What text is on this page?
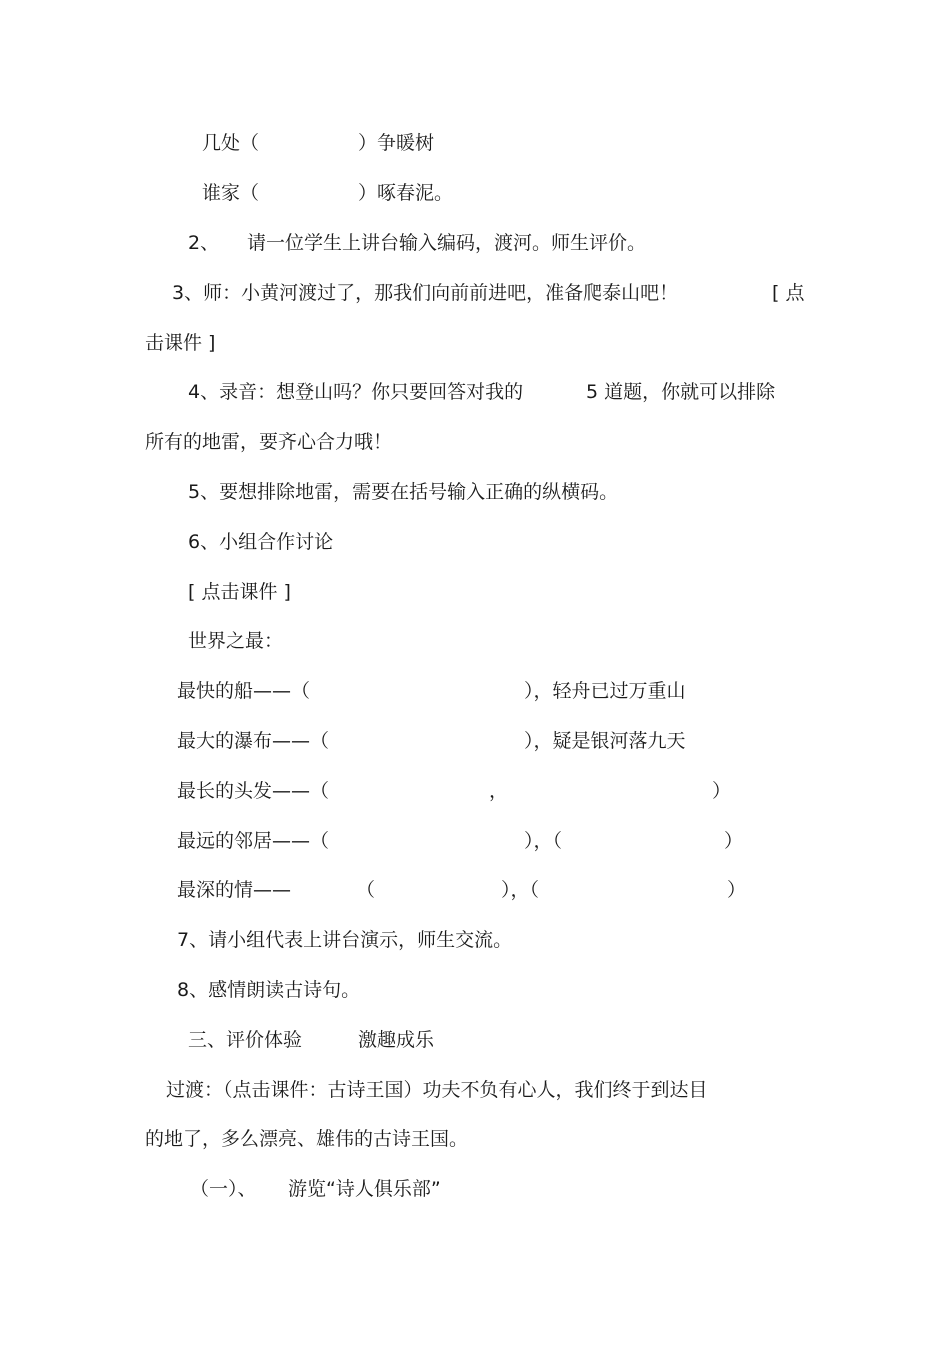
几处（	）争暖树
谁家（	）啄春泥。
2、 请一位学生上讲台输入编码，渡河。师生评价。
3、师：小黄河渡过了，那我们向前前进吧，准备爬泰山吧！	[ 点
击课件 ]
4、录音：想登山吗？你只要回答对我的	5 道题，你就可以排除
所有的地雷，要齐心合力哦！
5、要想排除地雷，需要在括号输入正确的纵横码。
6、小组合作讨论
[ 点击课件 ]
世界之最：
最快的船——（	），轻舟已过万重山
最大的瀑布——（	），疑是银河落九天
最长的头发——（	，	）
最远的邻居——（	），（	）
最深的情——	（	），（	）
7、请小组代表上讲台演示，师生交流。
8、感情朗读古诗句。
三、评价体验	激趣成乐
过渡：（点击课件：古诗王国）功夫不负有心人，我们终于到达目
的地了，多么漂亮、雄伟的古诗王国。
（一）、 游览“诗人俱乐部”
